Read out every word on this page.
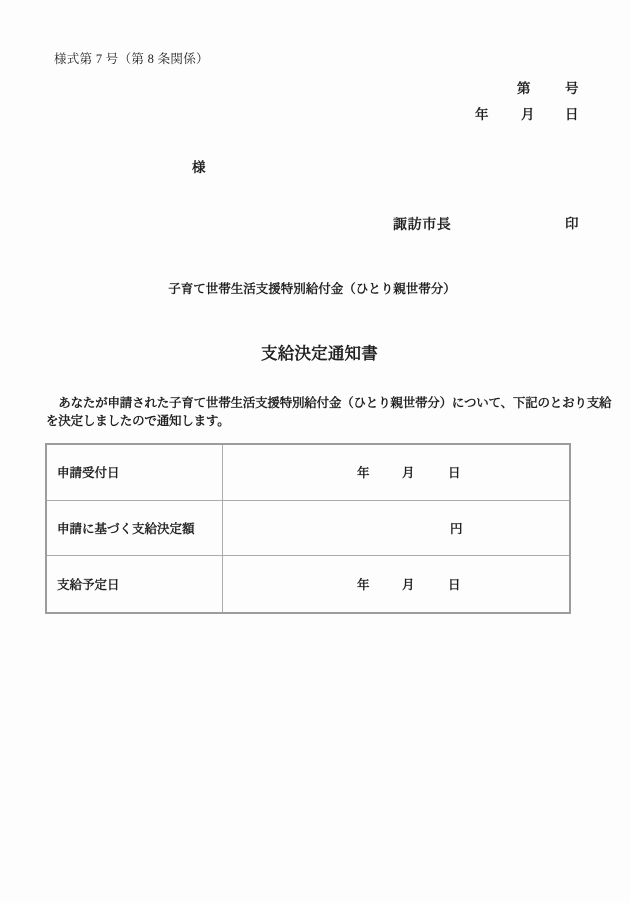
様式第 7 号（第 8 条関係）
第	号
年 月 日
様
諏訪市長	印
子育て世帯生活支援特別給付金（ひとり親世帯分）
支給決定通知書
　あなたが申請された子育て世帯生活支援特別給付金（ひとり親世帯分）について、下記のとおり支給
を決定しましたので通知します。
申請受付日	年	月	日
申請に基づく支給決定額	円
支給予定日	年	月	日
